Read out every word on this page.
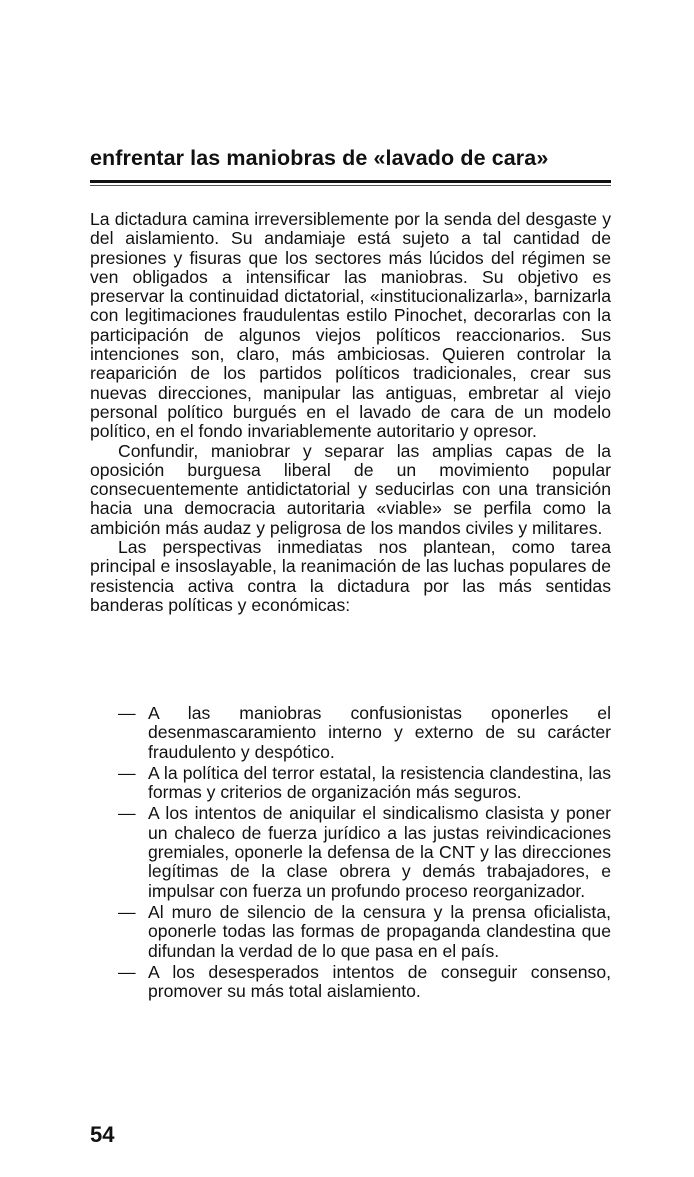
enfrentar las maniobras de «lavado de cara»

La dictadura camina irreversiblemente por la senda del desgaste y del aislamiento. Su andamiaje está sujeto a tal cantidad de presiones y fisuras que los sectores más lúcidos del régimen se ven obligados a intensificar las maniobras. Su objetivo es preservar la continuidad dictatorial, «institucionalizarla», barnizarla con legitimaciones fraudulentas estilo Pinochet, decorarlas con la participación de algunos viejos políticos reaccionarios. Sus intenciones son, claro, más ambiciosas. Quieren controlar la reaparición de los partidos políticos tradicionales, crear sus nuevas direcciones, manipular las antiguas, embretar al viejo personal político burgués en el lavado de cara de un modelo político, en el fondo invariablemente autoritario y opresor.

Confundir, maniobrar y separar las amplias capas de la oposición burguesa liberal de un movimiento popular consecuentemente antidictatorial y seducirlas con una transición hacia una democracia autoritaria «viable» se perfila como la ambición más audaz y peligrosa de los mandos civiles y militares.

Las perspectivas inmediatas nos plantean, como tarea principal e insoslayable, la reanimación de las luchas populares de resistencia activa contra la dictadura por las más sentidas banderas políticas y económicas:

— A las maniobras confusionistas oponerles el desenmascaramiento interno y externo de su carácter fraudulento y despótico.
— A la política del terror estatal, la resistencia clandestina, las formas y criterios de organización más seguros.
— A los intentos de aniquilar el sindicalismo clasista y poner un chaleco de fuerza jurídico a las justas reivindicaciones gremiales, oponerle la defensa de la CNT y las direcciones legítimas de la clase obrera y demás trabajadores, e impulsar con fuerza un profundo proceso reorganizador.
— Al muro de silencio de la censura y la prensa oficialista, oponerle todas las formas de propaganda clandestina que difundan la verdad de lo que pasa en el país.
— A los desesperados intentos de conseguir consenso, promover su más total aislamiento.
54
